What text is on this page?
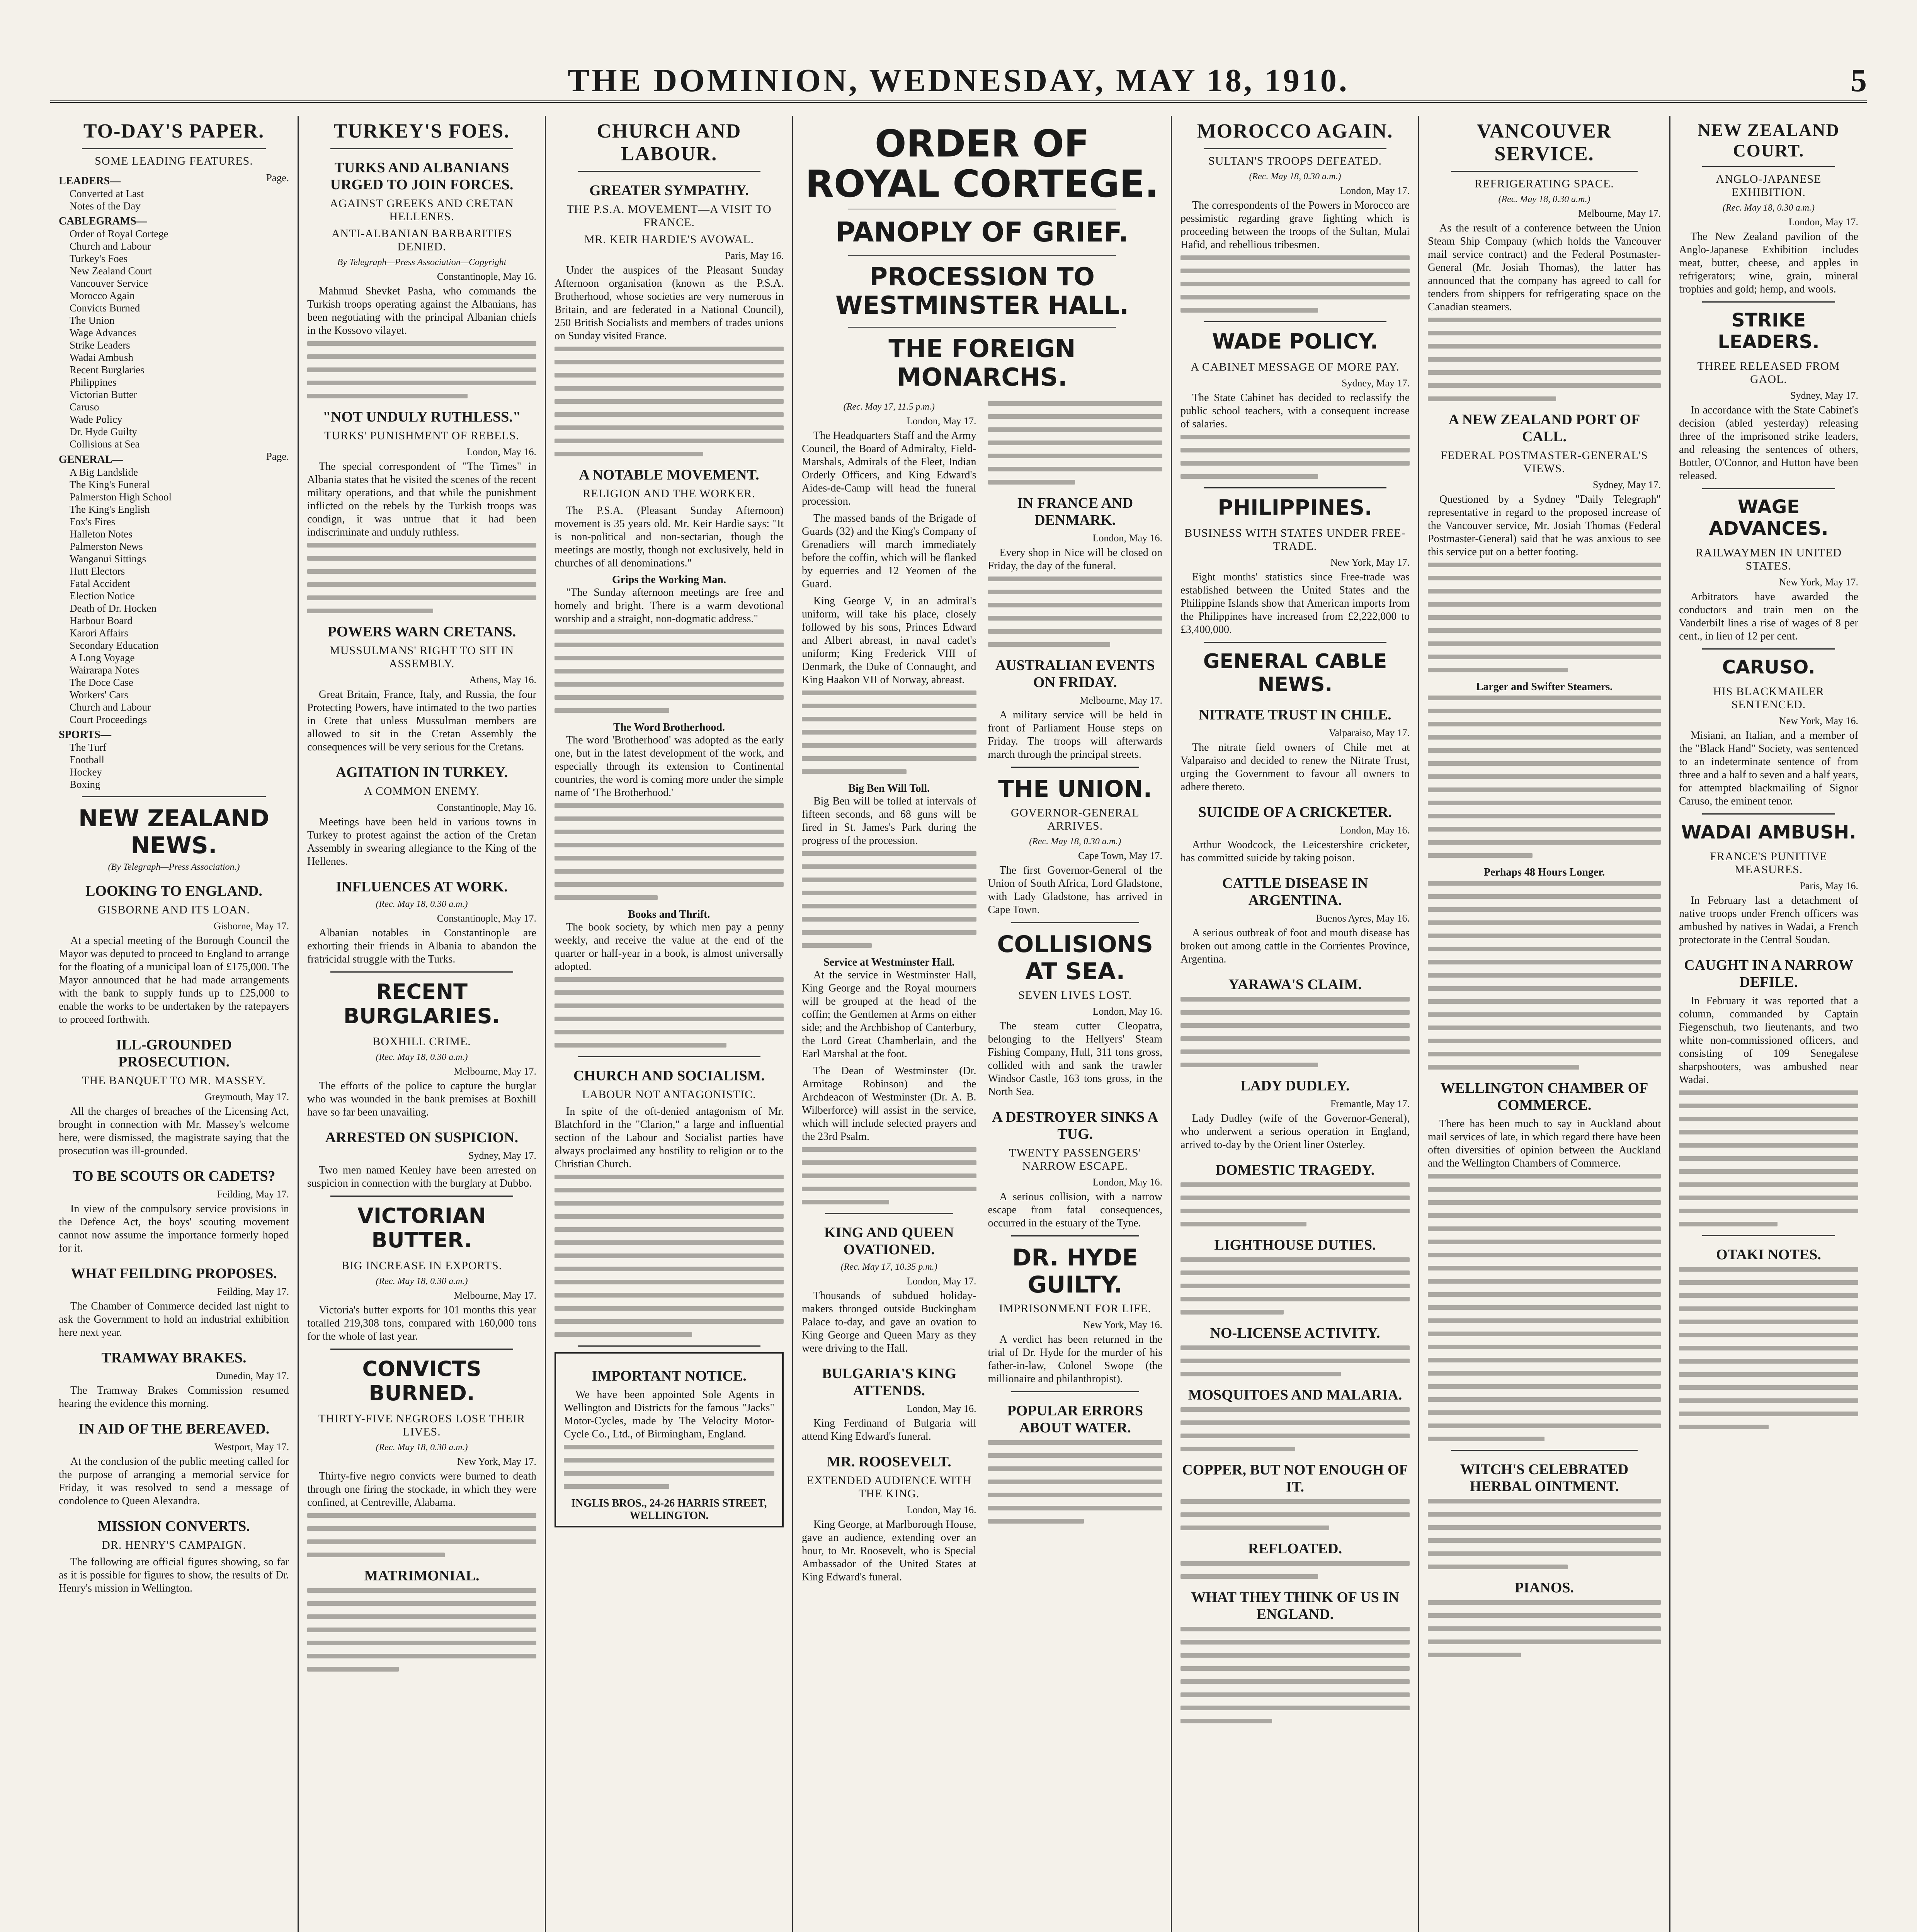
THE DOMINION, WEDNESDAY, MAY 18, 1910.	5
TO-DAY'S PAPER.
SOME LEADING FEATURES.
LEADERS—	Page.
Converted at Last
Notes of the Day
CABLEGRAMS—
Order of Royal Cortege
Church and Labour
Turkey's Foes
New Zealand Court
Vancouver Service
Morocco Again
Convicts Burned
The Union
Wage Advances
Strike Leaders
Wadai Ambush
Recent Burglaries
Philippines
Victorian Butter
Caruso
Wade Policy
Dr. Hyde Guilty
Collisions at Sea
GENERAL—	Page.
A Big Landslide
The King's Funeral
Palmerston High School
The King's English
Fox's Fires
Halleton Notes
Palmerston News
Wanganui Sittings
Hutt Electors
Fatal Accident
Election Notice
Death of Dr. Hocken
Harbour Board
Karori Affairs
Secondary Education
A Long Voyage
Wairarapa Notes
The Doce Case
Workers' Cars
Church and Labour
Court Proceedings
SPORTS—
The Turf
Football
Hockey
Boxing
NEW ZEALAND NEWS.
(By Telegraph—Press Association.)
LOOKING TO ENGLAND.
GISBORNE AND ITS LOAN.
Gisborne, May 17.

At a special meeting of the Borough Council the Mayor was deputed to proceed to England to arrange for the floating of a municipal loan of £175,000. The Mayor announced that he had made arrangements with the bank to supply funds up to £25,000 to enable the works to be undertaken by the ratepayers to proceed forthwith.

ILL-GROUNDED PROSECUTION.
THE BANQUET TO MR. MASSEY.
Greymouth, May 17.

All the charges of breaches of the Licensing Act, brought in connection with Mr. Massey's welcome here, were dismissed, the magistrate saying that the prosecution was ill-grounded.

TO BE SCOUTS OR CADETS?
Feilding, May 17.

In view of the compulsory service provisions in the Defence Act, the boys' scouting movement cannot now assume the importance formerly hoped for it.

WHAT FEILDING PROPOSES.
Feilding, May 17.

The Chamber of Commerce decided last night to ask the Government to hold an industrial exhibition here next year.

TRAMWAY BRAKES.
Dunedin, May 17.

The Tramway Brakes Commission resumed hearing the evidence this morning.

IN AID OF THE BEREAVED.
Westport, May 17.

At the conclusion of the public meeting called for the purpose of arranging a memorial service for Friday, it was resolved to send a message of condolence to Queen Alexandra.

MISSION CONVERTS.
DR. HENRY'S CAMPAIGN.

The following are official figures showing, so far as it is possible for figures to show, the results of Dr. Henry's mission in Wellington.

TURKEY'S FOES.
TURKS AND ALBANIANS URGED TO JOIN FORCES.
AGAINST GREEKS AND CRETAN HELLENES.
ANTI-ALBANIAN BARBARITIES DENIED.
By Telegraph—Press Association—Copyright
Constantinople, May 16.

Mahmud Shevket Pasha, who commands the Turkish troops operating against the Albanians, has been negotiating with the principal Albanian chiefs in the Kossovo vilayet.

"NOT UNDULY RUTHLESS."
TURKS' PUNISHMENT OF REBELS.
London, May 16.

The special correspondent of "The Times" in Albania states that he visited the scenes of the recent military operations, and that while the punishment inflicted on the rebels by the Turkish troops was condign, it was untrue that it had been indiscriminate and unduly ruthless.

POWERS WARN CRETANS.
MUSSULMANS' RIGHT TO SIT IN ASSEMBLY.
Athens, May 16.

Great Britain, France, Italy, and Russia, the four Protecting Powers, have intimated to the two parties in Crete that unless Mussulman members are allowed to sit in the Cretan Assembly the consequences will be very serious for the Cretans.

AGITATION IN TURKEY.
A COMMON ENEMY.
Constantinople, May 16.

Meetings have been held in various towns in Turkey to protest against the action of the Cretan Assembly in swearing allegiance to the King of the Hellenes.

INFLUENCES AT WORK.
(Rec. May 18, 0.30 a.m.)
Constantinople, May 17.

Albanian notables in Constantinople are exhorting their friends in Albania to abandon the fratricidal struggle with the Turks.

RECENT BURGLARIES.
BOXHILL CRIME.
(Rec. May 18, 0.30 a.m.)
Melbourne, May 17.

The efforts of the police to capture the burglar who was wounded in the bank premises at Boxhill have so far been unavailing.

ARRESTED ON SUSPICION.
Sydney, May 17.

Two men named Kenley have been arrested on suspicion in connection with the burglary at Dubbo.

VICTORIAN BUTTER.
BIG INCREASE IN EXPORTS.
(Rec. May 18, 0.30 a.m.)
Melbourne, May 17.

Victoria's butter exports for 101 months this year totalled 219,308 tons, compared with 160,000 tons for the whole of last year.

CONVICTS BURNED.
THIRTY-FIVE NEGROES LOSE THEIR LIVES.
(Rec. May 18, 0.30 a.m.)
New York, May 17.

Thirty-five negro convicts were burned to death through one firing the stockade, in which they were confined, at Centreville, Alabama.

MATRIMONIAL.
CHURCH AND LABOUR.
GREATER SYMPATHY.
THE P.S.A. MOVEMENT—A VISIT TO FRANCE.
MR. KEIR HARDIE'S AVOWAL.
Paris, May 16.

Under the auspices of the Pleasant Sunday Afternoon organisation (known as the P.S.A. Brotherhood, whose societies are very numerous in Britain, and are federated in a National Council), 250 British Socialists and members of trades unions on Sunday visited France.

A NOTABLE MOVEMENT.
RELIGION AND THE WORKER.

The P.S.A. (Pleasant Sunday Afternoon) movement is 35 years old. Mr. Keir Hardie says: "It is non-political and non-sectarian, though the meetings are mostly, though not exclusively, held in churches of all denominations."

Grips the Working Man.

"The Sunday afternoon meetings are free and homely and bright. There is a warm devotional worship and a straight, non-dogmatic address."

The Word Brotherhood.

The word 'Brotherhood' was adopted as the early one, but in the latest development of the work, and especially through its extension to Continental countries, the word is coming more under the simple name of 'The Brotherhood.'

Books and Thrift.

The book society, by which men pay a penny weekly, and receive the value at the end of the quarter or half-year in a book, is almost universally adopted.

CHURCH AND SOCIALISM.
LABOUR NOT ANTAGONISTIC.

In spite of the oft-denied antagonism of Mr. Blatchford in the "Clarion," a large and influential section of the Labour and Socialist parties have always proclaimed any hostility to religion or to the Christian Church.

IMPORTANT NOTICE.

We have been appointed Sole Agents in Wellington and Districts for the famous "Jacks" Motor-Cycles, made by The Velocity Motor-Cycle Co., Ltd., of Birmingham, England.

INGLIS BROS., 24-26 HARRIS STREET, WELLINGTON.
ORDER OF ROYAL CORTEGE.
PANOPLY OF GRIEF.
PROCESSION TO WESTMINSTER HALL.
THE FOREIGN MONARCHS.
(Rec. May 17, 11.5 p.m.)
London, May 17.

The Headquarters Staff and the Army Council, the Board of Admiralty, Field-Marshals, Admirals of the Fleet, Indian Orderly Officers, and King Edward's Aides-de-Camp will head the funeral procession.

The massed bands of the Brigade of Guards (32) and the King's Company of Grenadiers will march immediately before the coffin, which will be flanked by equerries and 12 Yeomen of the Guard.

King George V, in an admiral's uniform, will take his place, closely followed by his sons, Princes Edward and Albert abreast, in naval cadet's uniform; King Frederick VIII of Denmark, the Duke of Connaught, and King Haakon VII of Norway, abreast.

Big Ben Will Toll.

Big Ben will be tolled at intervals of fifteen seconds, and 68 guns will be fired in St. James's Park during the progress of the procession.

Service at Westminster Hall.

At the service in Westminster Hall, King George and the Royal mourners will be grouped at the head of the coffin; the Gentlemen at Arms on either side; and the Archbishop of Canterbury, the Lord Great Chamberlain, and the Earl Marshal at the foot.

The Dean of Westminster (Dr. Armitage Robinson) and the Archdeacon of Westminster (Dr. A. B. Wilberforce) will assist in the service, which will include selected prayers and the 23rd Psalm.

KING AND QUEEN OVATIONED.
(Rec. May 17, 10.35 p.m.)
London, May 17.

Thousands of subdued holiday-makers thronged outside Buckingham Palace to-day, and gave an ovation to King George and Queen Mary as they were driving to the Hall.

BULGARIA'S KING ATTENDS.
London, May 16.

King Ferdinand of Bulgaria will attend King Edward's funeral.

MR. ROOSEVELT.
EXTENDED AUDIENCE WITH THE KING.
London, May 16.

King George, at Marlborough House, gave an audience, extending over an hour, to Mr. Roosevelt, who is Special Ambassador of the United States at King Edward's funeral.

IN FRANCE AND DENMARK.
London, May 16.

Every shop in Nice will be closed on Friday, the day of the funeral.

AUSTRALIAN EVENTS ON FRIDAY.
Melbourne, May 17.

A military service will be held in front of Parliament House steps on Friday. The troops will afterwards march through the principal streets.

THE UNION.
GOVERNOR-GENERAL ARRIVES.
(Rec. May 18, 0.30 a.m.)
Cape Town, May 17.

The first Governor-General of the Union of South Africa, Lord Gladstone, with Lady Gladstone, has arrived in Cape Town.

COLLISIONS AT SEA.
SEVEN LIVES LOST.
London, May 16.

The steam cutter Cleopatra, belonging to the Hellyers' Steam Fishing Company, Hull, 311 tons gross, collided with and sank the trawler Windsor Castle, 163 tons gross, in the North Sea.

A DESTROYER SINKS A TUG.
TWENTY PASSENGERS' NARROW ESCAPE.
London, May 16.

A serious collision, with a narrow escape from fatal consequences, occurred in the estuary of the Tyne.

DR. HYDE GUILTY.
IMPRISONMENT FOR LIFE.
New York, May 16.

A verdict has been returned in the trial of Dr. Hyde for the murder of his father-in-law, Colonel Swope (the millionaire and philanthropist).

POPULAR ERRORS ABOUT WATER.
MOROCCO AGAIN.
SULTAN'S TROOPS DEFEATED.
(Rec. May 18, 0.30 a.m.)
London, May 17.

The correspondents of the Powers in Morocco are pessimistic regarding grave fighting which is proceeding between the troops of the Sultan, Mulai Hafid, and rebellious tribesmen.

WADE POLICY.
A CABINET MESSAGE OF MORE PAY.
Sydney, May 17.

The State Cabinet has decided to reclassify the public school teachers, with a consequent increase of salaries.

PHILIPPINES.
BUSINESS WITH STATES UNDER FREE-TRADE.
New York, May 17.

Eight months' statistics since Free-trade was established between the United States and the Philippine Islands show that American imports from the Philippines have increased from £2,222,000 to £3,400,000.

GENERAL CABLE NEWS.
NITRATE TRUST IN CHILE.
Valparaiso, May 17.

The nitrate field owners of Chile met at Valparaiso and decided to renew the Nitrate Trust, urging the Government to favour all owners to adhere thereto.

SUICIDE OF A CRICKETER.
London, May 16.

Arthur Woodcock, the Leicestershire cricketer, has committed suicide by taking poison.

CATTLE DISEASE IN ARGENTINA.
Buenos Ayres, May 16.

A serious outbreak of foot and mouth disease has broken out among cattle in the Corrientes Province, Argentina.

YARAWA'S CLAIM.
LADY DUDLEY.
Fremantle, May 17.

Lady Dudley (wife of the Governor-General), who underwent a serious operation in England, arrived to-day by the Orient liner Osterley.

DOMESTIC TRAGEDY.
LIGHTHOUSE DUTIES.
NO-LICENSE ACTIVITY.
MOSQUITOES AND MALARIA.
COPPER, BUT NOT ENOUGH OF IT.
REFLOATED.
WHAT THEY THINK OF US IN ENGLAND.
VANCOUVER SERVICE.
REFRIGERATING SPACE.
(Rec. May 18, 0.30 a.m.)
Melbourne, May 17.

As the result of a conference between the Union Steam Ship Company (which holds the Vancouver mail service contract) and the Federal Postmaster-General (Mr. Josiah Thomas), the latter has announced that the company has agreed to call for tenders from shippers for refrigerating space on the Canadian steamers.

A NEW ZEALAND PORT OF CALL.
FEDERAL POSTMASTER-GENERAL'S VIEWS.
Sydney, May 17.

Questioned by a Sydney "Daily Telegraph" representative in regard to the proposed increase of the Vancouver service, Mr. Josiah Thomas (Federal Postmaster-General) said that he was anxious to see this service put on a better footing.

Larger and Swifter Steamers.
Perhaps 48 Hours Longer.
WELLINGTON CHAMBER OF COMMERCE.

There has been much to say in Auckland about mail services of late, in which regard there have been often diversities of opinion between the Auckland and the Wellington Chambers of Commerce.

WITCH'S CELEBRATED HERBAL OINTMENT.
PIANOS.
NEW ZEALAND COURT.
ANGLO-JAPANESE EXHIBITION.
(Rec. May 18, 0.30 a.m.)
London, May 17.

The New Zealand pavilion of the Anglo-Japanese Exhibition includes meat, butter, cheese, and apples in refrigerators; wine, grain, mineral trophies and gold; hemp, and wools.

STRIKE LEADERS.
THREE RELEASED FROM GAOL.
Sydney, May 17.

In accordance with the State Cabinet's decision (abled yesterday) releasing three of the imprisoned strike leaders, and releasing the sentences of others, Bottler, O'Connor, and Hutton have been released.

WAGE ADVANCES.
RAILWAYMEN IN UNITED STATES.
New York, May 17.

Arbitrators have awarded the conductors and train men on the Vanderbilt lines a rise of wages of 8 per cent., in lieu of 12 per cent.

CARUSO.
HIS BLACKMAILER SENTENCED.
New York, May 16.

Misiani, an Italian, and a member of the "Black Hand" Society, was sentenced to an indeterminate sentence of from three and a half to seven and a half years, for attempted blackmailing of Signor Caruso, the eminent tenor.

WADAI AMBUSH.
FRANCE'S PUNITIVE MEASURES.
Paris, May 16.

In February last a detachment of native troops under French officers was ambushed by natives in Wadai, a French protectorate in the Central Soudan.

CAUGHT IN A NARROW DEFILE.

In February it was reported that a column, commanded by Captain Fiegenschuh, two lieutenants, and two white non-commissioned officers, and consisting of 109 Senegalese sharpshooters, was ambushed near Wadai.

OTAKI NOTES.
